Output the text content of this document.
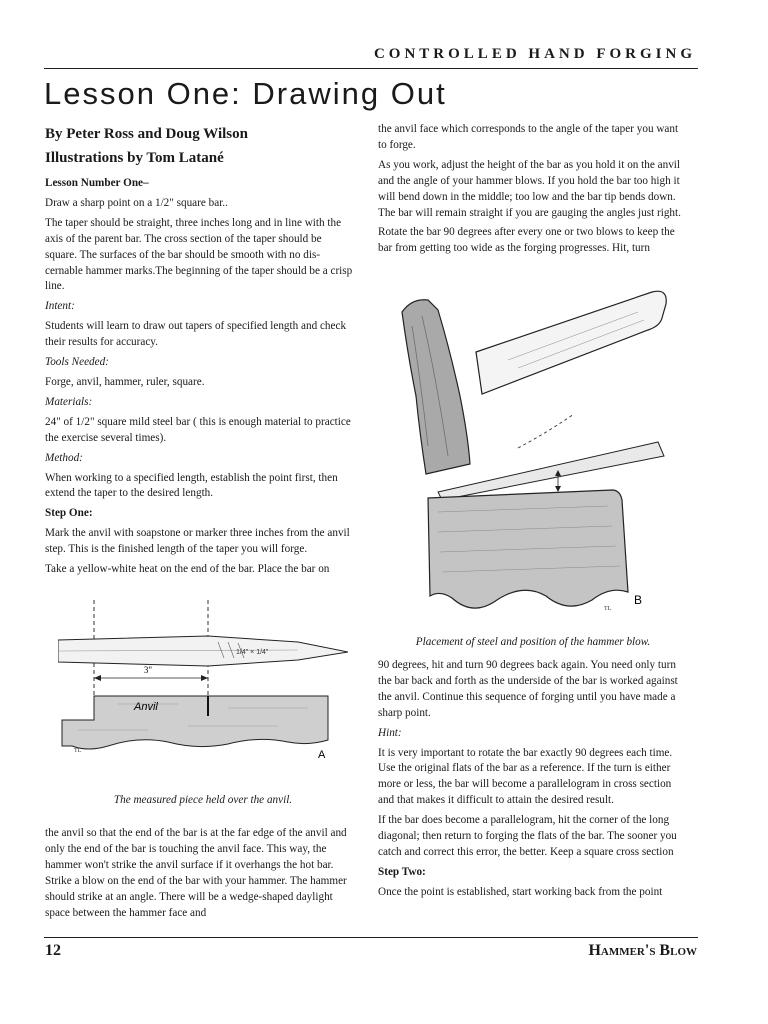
CONTROLLED HAND FORGING
Lesson One: Drawing Out
By Peter Ross and Doug Wilson
Illustrations by Tom Latané

Lesson Number One–

Draw a sharp point on a 1/2" square bar..

The taper should be straight, three inches long and in line with the axis of the parent bar. The cross section of the taper should be square. The surfaces of the bar should be smooth with no dis-cernable hammer marks.The beginning of the taper should be a crisp line.

Intent:

Students will learn to draw out tapers of specified length and check their results for accuracy.

Tools Needed:

Forge, anvil, hammer, ruler, square.

Materials:

24" of 1/2" square mild steel bar ( this is enough material to practice the exercise several times).

Method:

When working to a specified length, establish the point first, then extend the taper to the desired length.

Step One:

Mark the anvil with soapstone or marker three inches from the anvil step. This is the finished length of the taper you will forge.

Take a yellow-white heat on the end of the bar. Place the bar on

1/4" × 1/4"
3"
Anvil
A
TL
The measured piece held over the anvil.

the anvil so that the end of the bar is at the far edge of the anvil and only the end of the bar is touching the anvil face. This way, the hammer won't strike the anvil surface if it overhangs the hot bar. Strike a blow on the end of the bar with your hammer. The hammer should strike at an angle. There will be a wedge-shaped daylight space between the hammer face and

the anvil face which corresponds to the angle of the taper you want to forge.

As you work, adjust the height of the bar as you hold it on the anvil and the angle of your hammer blows. If you hold the bar too high it will bend down in the middle; too low and the bar tip bends down. The bar will remain straight if you are gauging the angles just right.

Rotate the bar 90 degrees after every one or two blows to keep the bar from getting too wide as the forging progresses. Hit, turn

B
TL
Placement of steel and position of the hammer blow.

90 degrees, hit and turn 90 degrees back again. You need only turn the bar back and forth as the underside of the bar is worked against the anvil. Continue this sequence of forging until you have made a sharp point.

Hint:

It is very important to rotate the bar exactly 90 degrees each time. Use the original flats of the bar as a reference. If the turn is either more or less, the bar will become a parallelogram in cross section and that makes it difficult to attain the desired result.

If the bar does become a parallelogram, hit the corner of the long diagonal; then return to forging the flats of the bar. The sooner you catch and correct this error, the better. Keep a square cross section

Step Two:

Once the point is established, start working back from the point

12	Hammer's Blow
